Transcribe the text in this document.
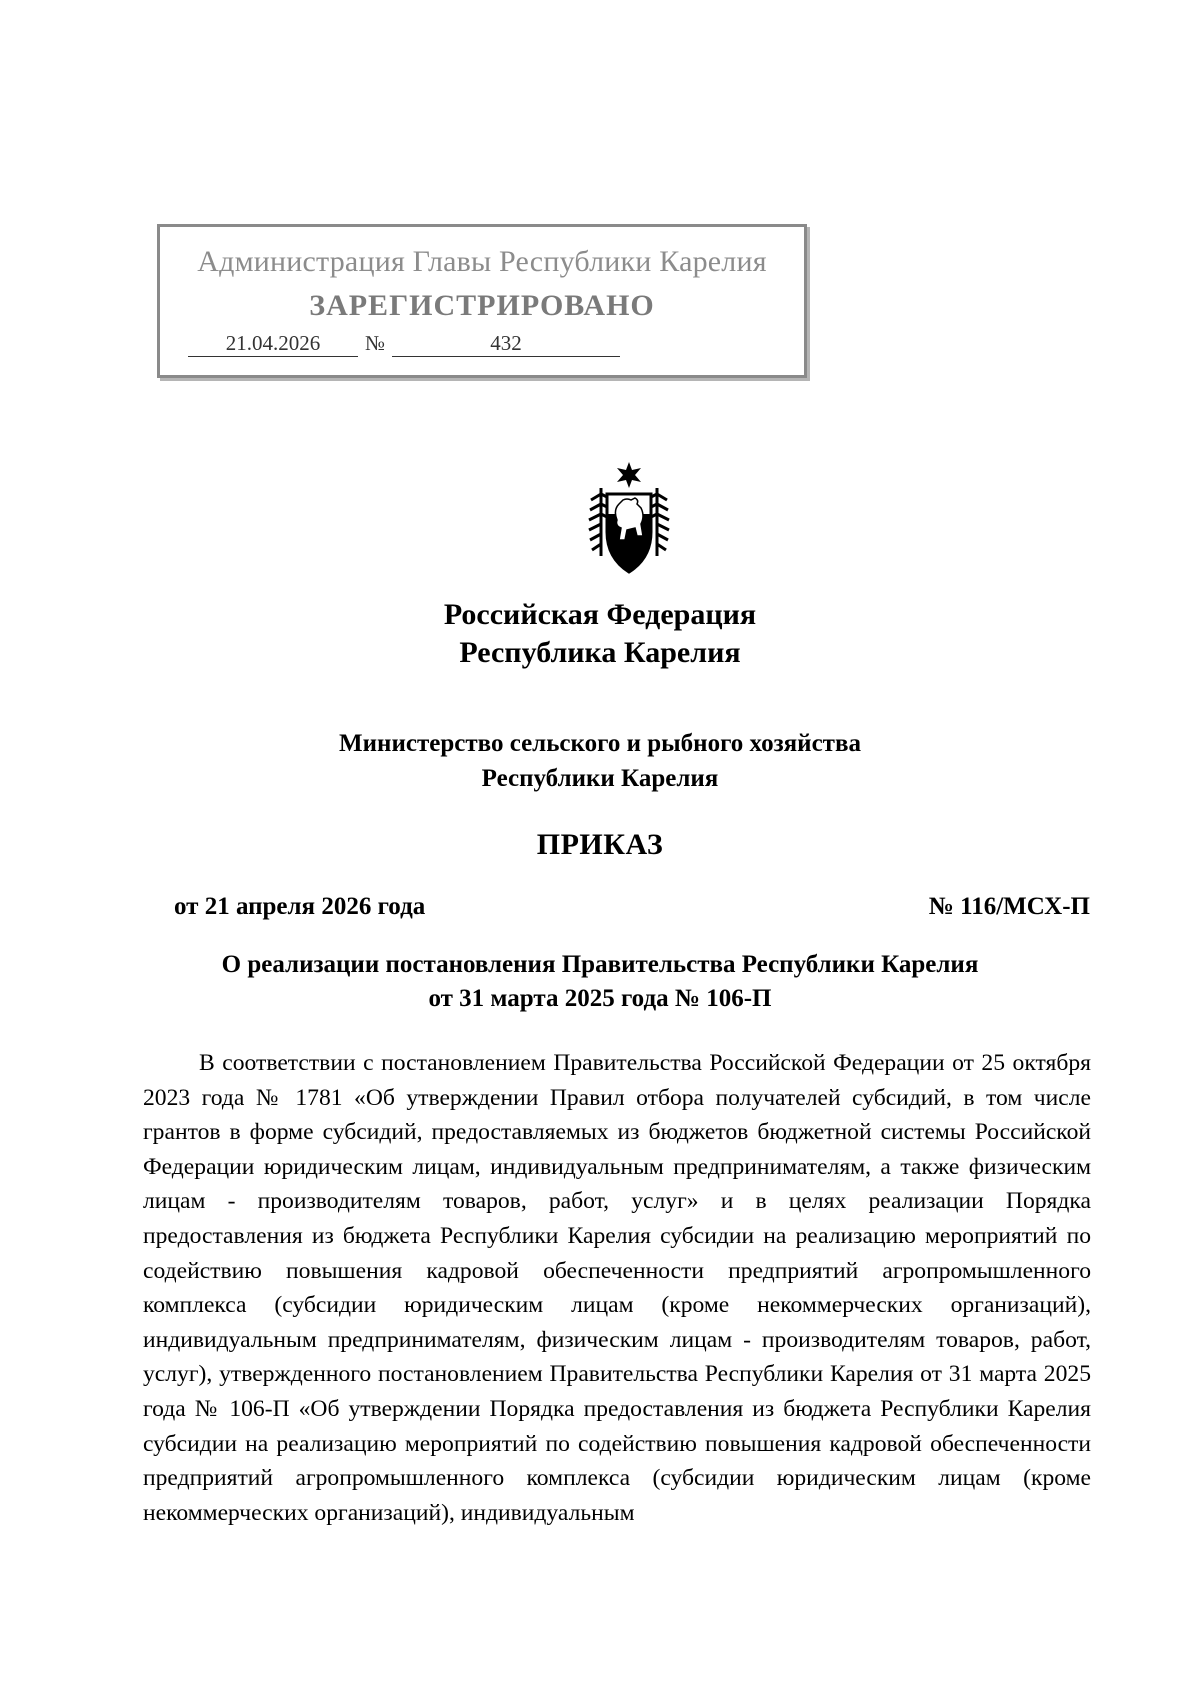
Администрация Главы Республики Карелия
ЗАРЕГИСТРИРОВАНО
21.04.2026	№	432
Российская Федерация
Республика Карелия
Министерство сельского и рыбного хозяйства
Республики Карелия
ПРИКАЗ
от 21 апреля 2026 года	№ 116/МСХ-П
О реализации постановления Правительства Республики Карелия
от 31 марта 2025 года № 106-П

В соответствии с постановлением Правительства Российской Федерации от 25 октября 2023 года № 1781 «Об утверждении Правил отбора получателей субсидий, в том числе грантов в форме субсидий, предоставляемых из бюджетов бюджетной системы Российской Федерации юридическим лицам, индивидуальным предпринимателям, а также физическим лицам - производителям товаров, работ, услуг» и в целях реализации Порядка предоставления из бюджета Республики Карелия субсидии на реализацию мероприятий по содействию повышения кадровой обеспеченности предприятий агропромышленного комплекса (субсидии юридическим лицам (кроме некоммерческих организаций), индивидуальным предпринимателям, физическим лицам - производителям товаров, работ, услуг), утвержденного постановлением Правительства Республики Карелия от 31 марта 2025 года № 106-П «Об утверждении Порядка предоставления из бюджета Республики Карелия субсидии на реализацию мероприятий по содействию повышения кадровой обеспеченности предприятий агропромышленного комплекса (субсидии юридическим лицам (кроме некоммерческих организаций), индивидуальным
